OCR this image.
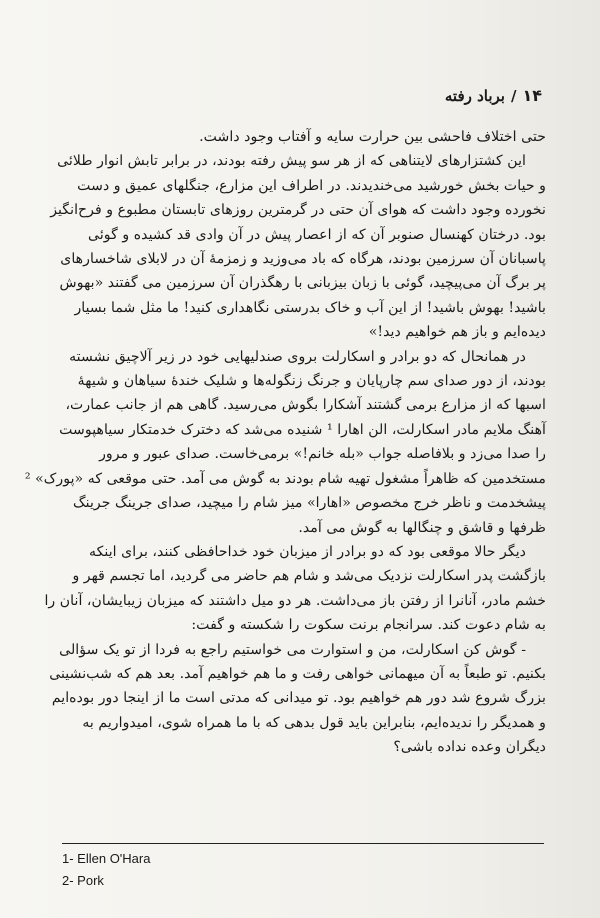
۱۴
/
برباد رفته
حتی اختلاف فاحشی بین حرارت سایه و آفتاب وجود داشت.
این کشتزارهای لایتناهی که از هر سو پیش رفته بودند، در برابر تابش انوار طلائی
و حیات بخش خورشید می‌خندیدند. در اطراف این مزارع، جنگلهای عمیق و دست
نخورده وجود داشت که هوای آن حتی در گرمترین روزهای تابستان مطبوع و فرح‌انگیز
بود. درختان کهنسال صنوبر آن که از اعصار پیش در آن وادی قد کشیده و گوئی
پاسبانان آن سرزمین بودند، هرگاه که باد می‌وزید و زمزمهٔ آن در لابلای شاخسارهای
پر برگ آن می‌پیچید، گوئی با زبان بیزبانی با رهگذران آن سرزمین می گفتند «بهوش
باشید! بهوش باشید! از این آب و خاک بدرستی نگاهداری کنید! ما مثل شما بسیار
دیده‌ایم و باز هم خواهیم دید!»
در همانحال که دو برادر و اسکارلت بروی صندلیهایی خود در زیر آلاچیق نشسته
بودند، از دور صدای سم چارپایان و جرنگ زنگوله‌ها و شلیک خندهٔ سیاهان و شیههٔ
اسبها که از مزارع برمی گشتند آشکارا بگوش می‌رسید. گاهی هم از جانب عمارت،
آهنگ ملایم مادر اسکارلت، الن اهارا ¹ شنیده می‌شد که دخترک خدمتکار سیاهپوست
را صدا می‌زد و بلافاصله جواب «بله خانم!» برمی‌خاست. صدای عبور و مرور
مستخدمین که ظاهراً مشغول تهیه شام بودند به گوش می آمد. حتی موقعی که «پورک» ²
پیشخدمت و ناظر خرج مخصوص «اهارا» میز شام را میچید، صدای جرینگ جرینگ
ظرفها و قاشق و چنگالها به گوش می آمد.
دیگر حالا موقعی بود که دو برادر از میزبان خود خداحافظی کنند، برای اینکه
بازگشت پدر اسکارلت نزدیک می‌شد و شام هم حاضر می گردید، اما تجسم قهر و
خشم مادر، آنانرا از رفتن باز می‌داشت. هر دو میل داشتند که میزبان زیبایشان، آنان را
به شام دعوت کند. سرانجام برنت سکوت را شکسته و گفت:
- گوش کن اسکارلت، من و استوارت می خواستیم راجع به فردا از تو یک سؤالی
بکنیم. تو طبعاً به آن میهمانی خواهی رفت و ما هم خواهیم آمد. بعد هم که شب‌نشینی
بزرگ شروع شد دور هم خواهیم بود. تو میدانی که مدتی است ما از اینجا دور بوده‌ایم
و همدیگر را ندیده‌ایم، بنابراین باید قول بدهی که با ما همراه شوی، امیدواریم به
دیگران وعده نداده باشی؟
1- Ellen O'Hara
2- Pork
